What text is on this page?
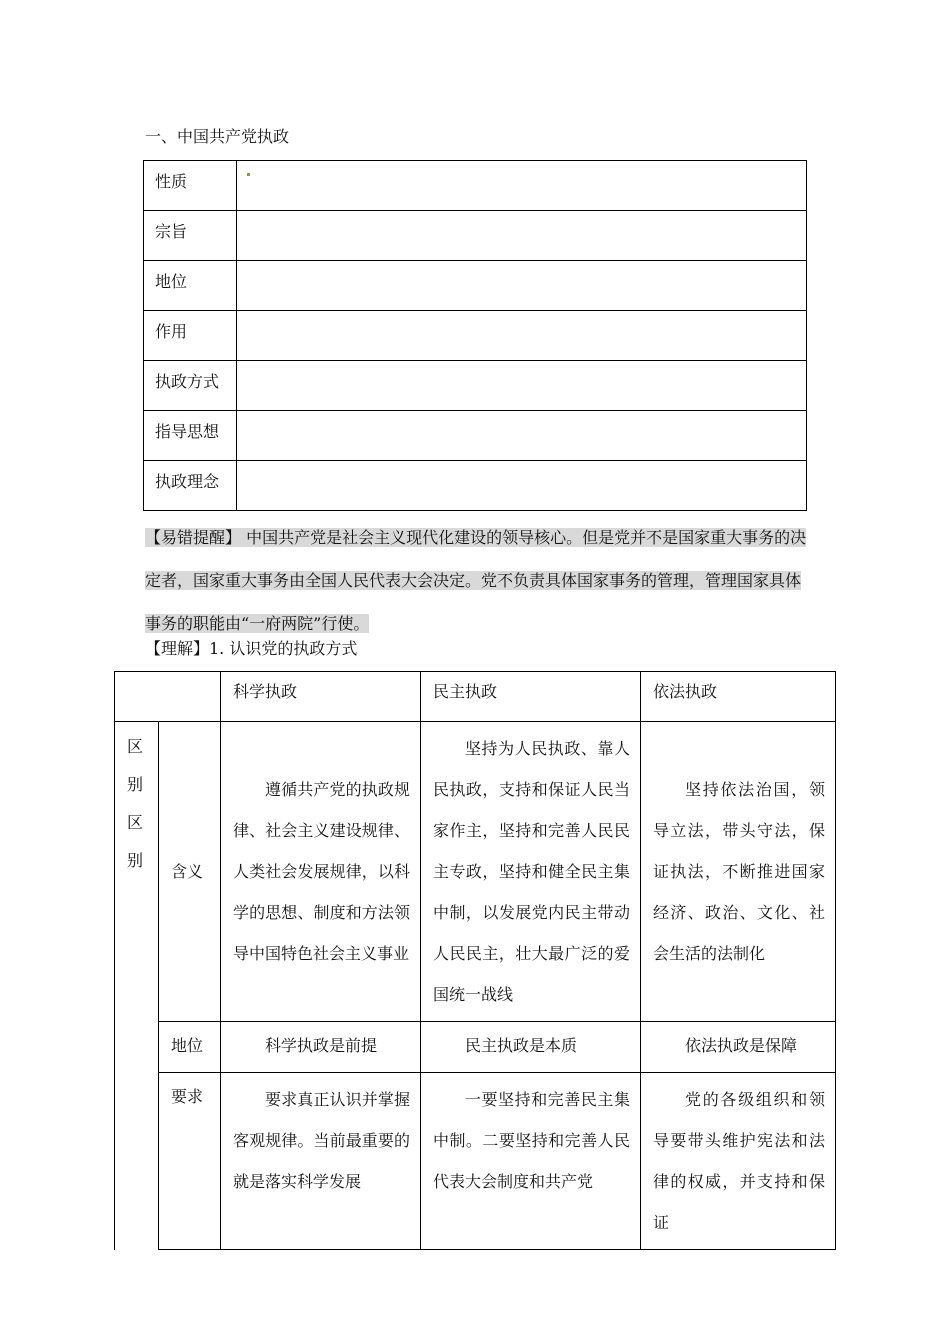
一、中国共产党执政
性质	
宗旨	
地位	
作用	
执政方式	
指导思想	
执政理念	
【易错提醒】 中国共产党是社会主义现代化建设的领导核心。但是党并不是国家重大事务的决定者，国家重大事务由全国人民代表大会决定。党不负责具体国家事务的管理，管理国家具体事务的职能由“一府两院”行使。
【理解】1. 认识党的执政方式
		科学执政	民主执政	依法执政

区
别
区
别	含义	遵循共产党的执政规律、社会主义建设规律、人类社会发展规律，以科学的思想、制度和方法领导中国特色社会主义事业	坚持为人民执政、靠人民执政，支持和保证人民当家作主，坚持和完善人民民主专政，坚持和健全民主集中制，以发展党内民主带动人民民主，壮大最广泛的爱国统一战线	坚持依法治国，领导立法，带头守法，保证执法，不断推进国家经济、政治、文化、社会生活的法制化
	地位	科学执政是前提	民主执政是本质	依法执政是保障
	要求	要求真正认识并掌握客观规律。当前最重要的就是落实科学发展	一要坚持和完善民主集中制。二要坚持和完善人民代表大会制度和共产党	党的各级组织和领导要带头维护宪法和法律的权威，并支持和保证
